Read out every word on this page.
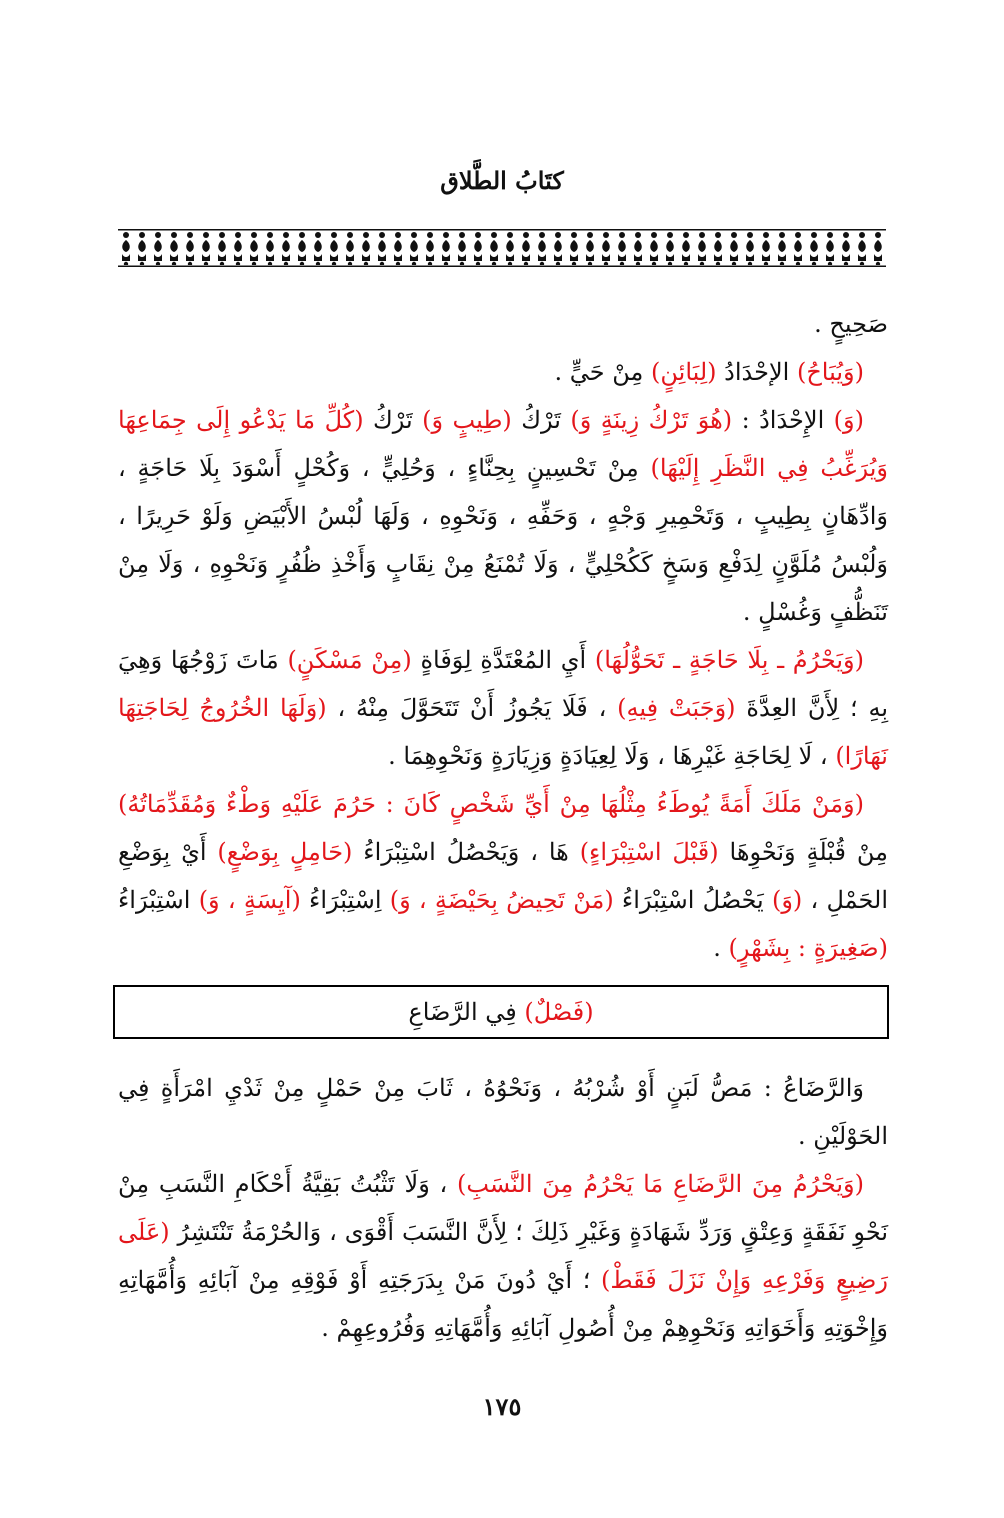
كتَابُ الطَّلاق

صَحِيحٍ .

(وَيُبَاحُ) الإحْدَادُ (لِبَائِنٍ) مِنْ حَيٍّ .

(وَ) الإِحْدَادُ : (هُوَ تَرْكُ زِينَةٍ وَ) تَرْكُ (طِيبٍ وَ) تَرْكُ (كُلِّ مَا يَدْعُو إِلَى جِمَاعِهَا وَيُرَغِّبُ فِي النَّظَرِ إِلَيْهَا) مِنْ تَحْسِينٍ بِحِنَّاءٍ ، وَحُلِيٍّ ، وَكُحْلٍ أَسْوَدَ بِلَا حَاجَةٍ ، وَادِّهَانٍ بِطِيبٍ ، وَتَحْمِيرِ وَجْهٍ ، وَحَفِّهِ ، وَنَحْوِهِ ، وَلَهَا لُبْسُ الأَبْيَضِ وَلَوْ حَرِيرًا ، وَلُبْسُ مُلَوَّنٍ لِدَفْعِ وَسَخٍ كَكُحْلِيٍّ ، وَلَا تُمْنَعُ مِنْ نِقَابٍ وَأَخْذِ ظُفُرٍ وَنَحْوِهِ ، وَلَا مِنْ تَنَظُّفٍ وَغُسْلٍ .

(وَيَحْرُمُ ـ بِلَا حَاجَةٍ ـ تَحَوُّلُهَا) أَيِ المُعْتَدَّةِ لِوَفَاةٍ (مِنْ مَسْكَنٍ) مَاتَ زَوْجُهَا وَهِيَ بِهِ ؛ لِأَنَّ العِدَّةَ (وَجَبَتْ فِيهِ) ، فَلَا يَجُوزُ أَنْ تَتَحَوَّلَ مِنْهُ ، (وَلَهَا الخُرُوجُ لِحَاجَتِهَا نَهَارًا) ، لَا لِحَاجَةِ غَيْرِهَا ، وَلَا لِعِيَادَةٍ وَزِيَارَةٍ وَنَحْوِهِمَا .

(وَمَنْ مَلَكَ أَمَةً يُوطَءُ مِثْلُهَا مِنْ أَيِّ شَخْصٍ كَانَ : حَرُمَ عَلَيْهِ وَطْءٌ وَمُقَدِّمَاتُهُ) مِنْ قُبْلَةٍ وَنَحْوِهَا (قَبْلَ اسْتِبْرَاءٍ) هَا ، وَيَحْصُلُ اسْتِبْرَاءُ (حَامِلٍ بِوَضْعٍ) أَيْ بِوَضْعِ الحَمْلِ ، (وَ) يَحْصُلُ اسْتِبْرَاءُ (مَنْ تَحِيضُ بِحَيْضَةٍ ، وَ) اِسْتِبْرَاءُ (آيِسَةٍ ، وَ) اسْتِبْرَاءُ (صَغِيرَةٍ : بِشَهْرٍ) .

(فَصْلٌ) فِي الرَّضَاعِ

وَالرَّضَاعُ : مَصُّ لَبَنٍ أَوْ شُرْبُهُ ، وَنَحْوُهُ ، ثَابَ مِنْ حَمْلٍ مِنْ ثَدْيِ امْرَأَةٍ فِي الحَوْلَيْنِ .

(وَيَحْرُمُ مِنَ الرَّضَاعِ مَا يَحْرُمُ مِنَ النَّسَبِ) ، وَلَا تَثْبُتُ بَقِيَّةُ أَحْكَامِ النَّسَبِ مِنْ نَحْوِ نَفَقَةٍ وَعِتْقٍ وَرَدِّ شَهَادَةٍ وَغَيْرِ ذَلِكَ ؛ لِأَنَّ النَّسَبَ أَقْوَى ، وَالحُرْمَةُ تَنْتَشِرُ (عَلَى رَضِيعٍ وَفَرْعِهِ وَإِنْ نَزَلَ فَقَطْ) ؛ أَيْ دُونَ مَنْ بِدَرَجَتِهِ أَوْ فَوْقِهِ مِنْ آبَائِهِ وَأُمَّهَاتِهِ وَإِخْوَتِهِ وَأَخَوَاتِهِ وَنَحْوِهِمْ مِنْ أُصُولِ آبَائِهِ وَأُمَّهَاتِهِ وَفُرُوعِهِمْ .

١٧٥
